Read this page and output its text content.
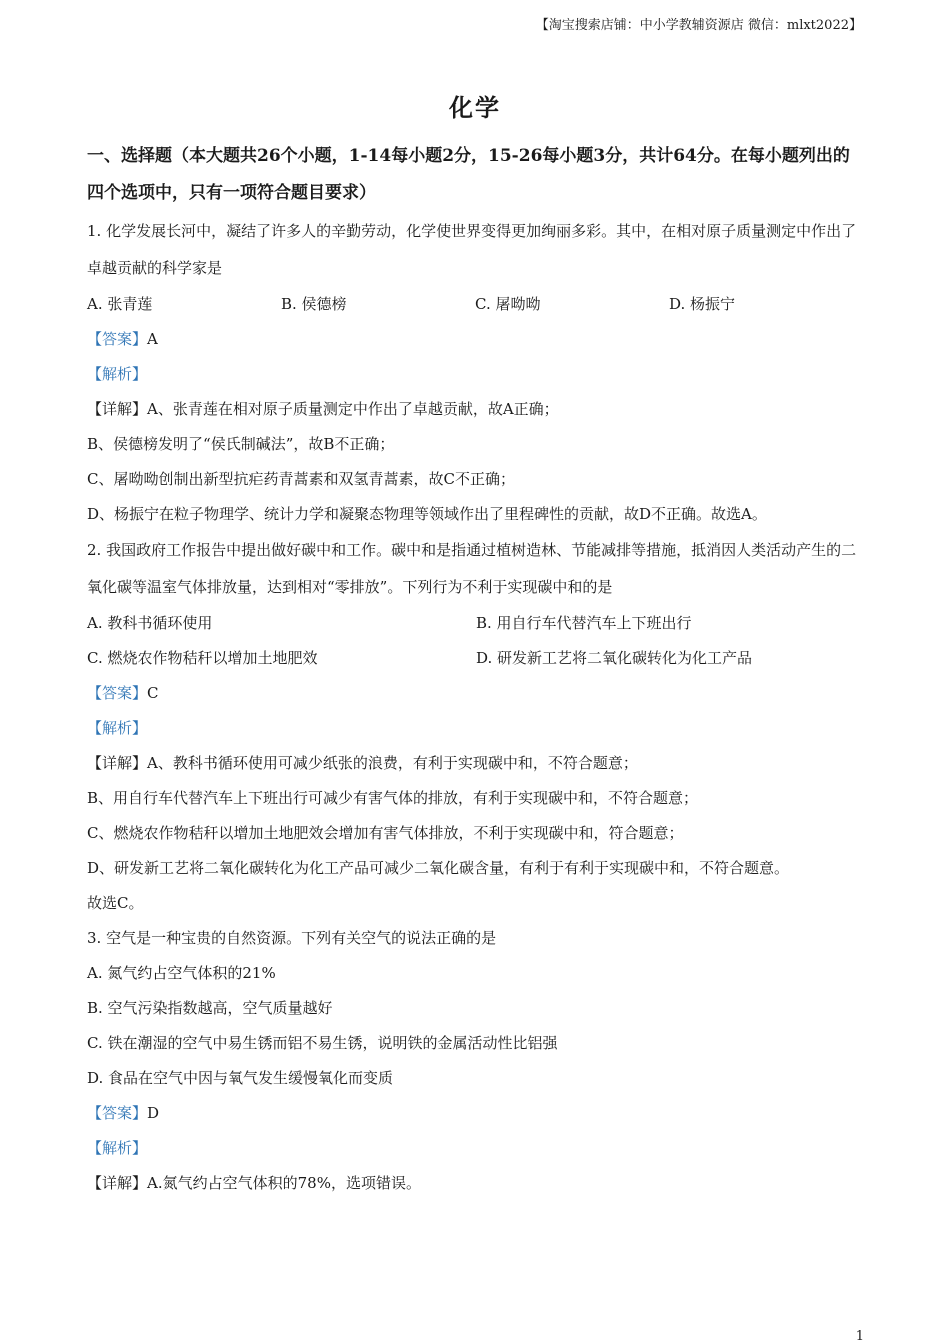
【淘宝搜索店铺：中小学教辅资源店 微信：mlxt2022】
化学
一、选择题（本大题共26个小题，1-14每小题2分，15-26每小题3分，共计64分。在每小题列出的四个选项中，只有一项符合题目要求）
1. 化学发展长河中，凝结了许多人的辛勤劳动，化学使世界变得更加绚丽多彩。其中，在相对原子质量测定中作出了卓越贡献的科学家是
A. 张青莲	B. 侯德榜	C. 屠呦呦	D. 杨振宁
【答案】A
【解析】
【详解】A、张青莲在相对原子质量测定中作出了卓越贡献，故A正确；
B、侯德榜发明了“侯氏制碱法”，故B不正确；
C、屠呦呦创制出新型抗疟药青蒿素和双氢青蒿素，故C不正确；
D、杨振宁在粒子物理学、统计力学和凝聚态物理等领域作出了里程碑性的贡献，故D不正确。故选A。
2. 我国政府工作报告中提出做好碳中和工作。碳中和是指通过植树造林、节能减排等措施，抵消因人类活动产生的二氧化碳等温室气体排放量，达到相对“零排放”。下列行为不利于实现碳中和的是
A. 教科书循环使用	B. 用自行车代替汽车上下班出行
C. 燃烧农作物秸秆以增加土地肥效	D. 研发新工艺将二氧化碳转化为化工产品
【答案】C
【解析】
【详解】A、教科书循环使用可减少纸张的浪费，有利于实现碳中和，不符合题意；
B、用自行车代替汽车上下班出行可减少有害气体的排放，有利于实现碳中和，不符合题意；
C、燃烧农作物秸秆以增加土地肥效会增加有害气体排放，不利于实现碳中和，符合题意；
D、研发新工艺将二氧化碳转化为化工产品可减少二氧化碳含量，有利于有利于实现碳中和，不符合题意。
故选C。
3. 空气是一种宝贵的自然资源。下列有关空气的说法正确的是
A. 氮气约占空气体积的21%
B. 空气污染指数越高，空气质量越好
C. 铁在潮湿的空气中易生锈而铝不易生锈，说明铁的金属活动性比铝强
D. 食品在空气中因与氧气发生缓慢氧化而变质
【答案】D
【解析】
【详解】A.氮气约占空气体积的78%，选项错误。
1
